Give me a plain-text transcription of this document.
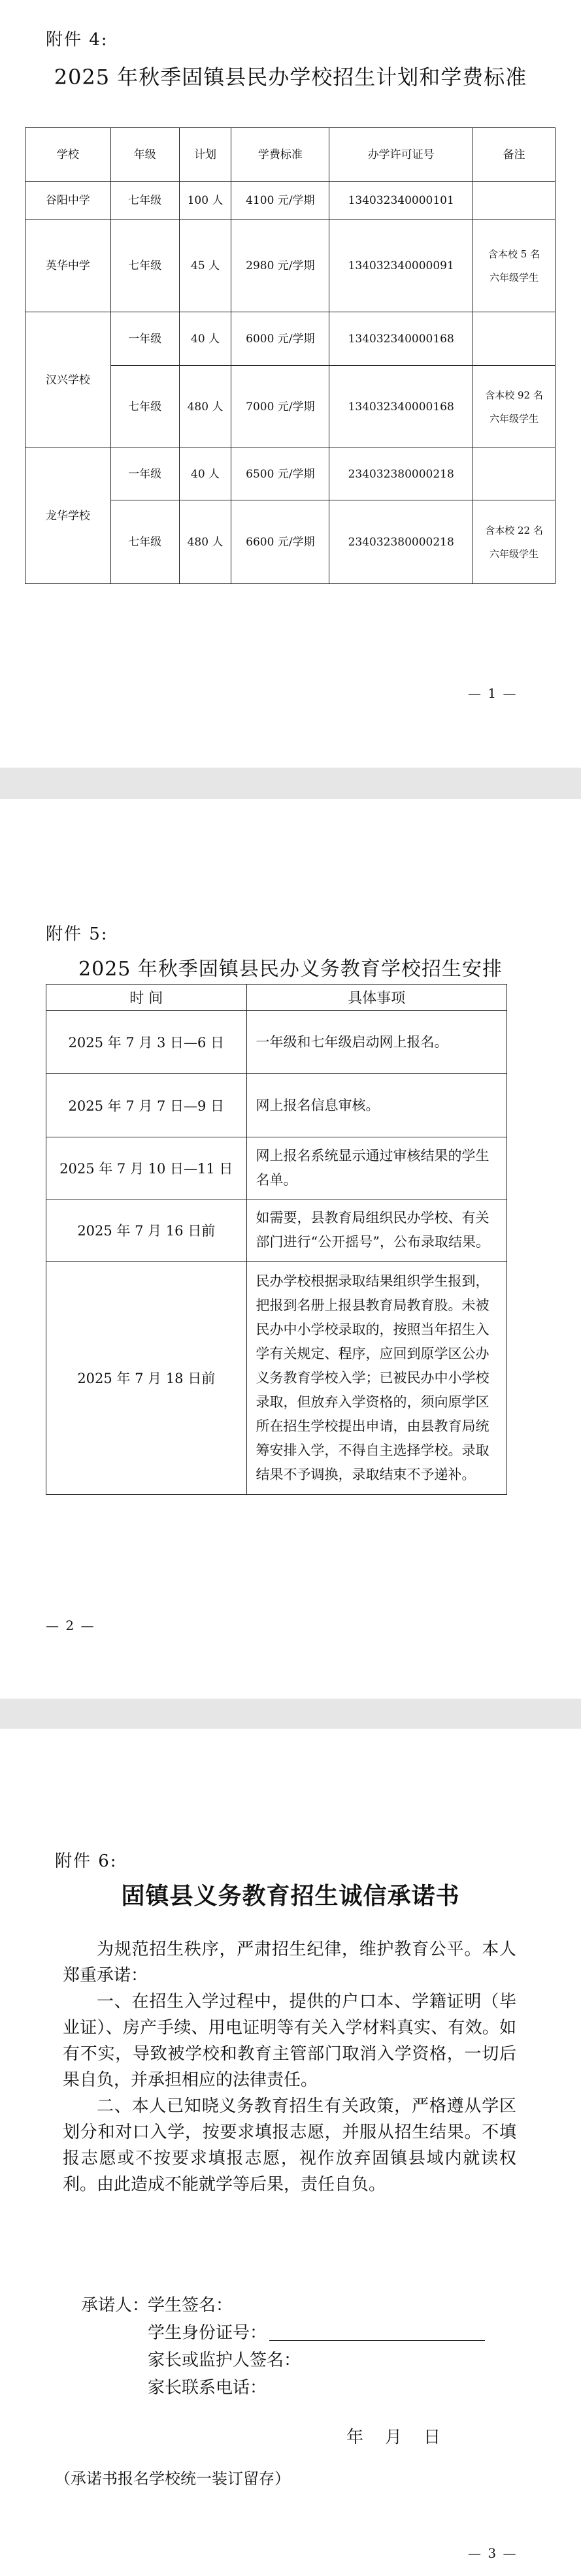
附件 4:
2025 年秋季固镇县民办学校招生计划和学费标准
学校	年级	计划	学费标准	办学许可证号	备注
谷阳中学	七年级	100 人	4100 元/学期	134032340000101	
英华中学	七年级	45 人	2980 元/学期	134032340000091	含本校 5 名六年级学生
汉兴学校	一年级	40 人	6000 元/学期	134032340000168	
	七年级	480 人	7000 元/学期	134032340000168	含本校 92 名六年级学生
龙华学校	一年级	40 人	6500 元/学期	234032380000218	
	七年级	480 人	6600 元/学期	234032380000218	含本校 22 名六年级学生
— 1 —
附件 5:
2025 年秋季固镇县民办义务教育学校招生安排
时 间	具体事项
2025 年 7 月 3 日—6 日	一年级和七年级启动网上报名。
2025 年 7 月 7 日—9 日	网上报名信息审核。
2025 年 7 月 10 日—11 日	网上报名系统显示通过审核结果的学生名单。
2025 年 7 月 16 日前	如需要，县教育局组织民办学校、有关部门进行“公开摇号”，公布录取结果。
2025 年 7 月 18 日前	民办学校根据录取结果组织学生报到，把报到名册上报县教育局教育股。未被民办中小学校录取的，按照当年招生入学有关规定、程序，应回到原学区公办义务教育学校入学；已被民办中小学校录取，但放弃入学资格的，须向原学区所在招生学校提出申请，由县教育局统筹安排入学，不得自主选择学校。录取结果不予调换，录取结束不予递补。
— 2 —
附件 6:
固镇县义务教育招生诚信承诺书

为规范招生秩序，严肃招生纪律，维护教育公平。本人郑重承诺：

一、在招生入学过程中，提供的户口本、学籍证明（毕业证）、房产手续、用电证明等有关入学材料真实、有效。如有不实，导致被学校和教育主管部门取消入学资格，一切后果自负，并承担相应的法律责任。

二、本人已知晓义务教育招生有关政策，严格遵从学区划分和对口入学，按要求填报志愿，并服从招生结果。不填报志愿或不按要求填报志愿，视作放弃固镇县域内就读权利。由此造成不能就学等后果，责任自负。

承诺人：
学生签名：
学生身份证号：
家长或监护人签名：
家长联系电话：
年    月    日
（承诺书报名学校统一装订留存）
— 3 —
